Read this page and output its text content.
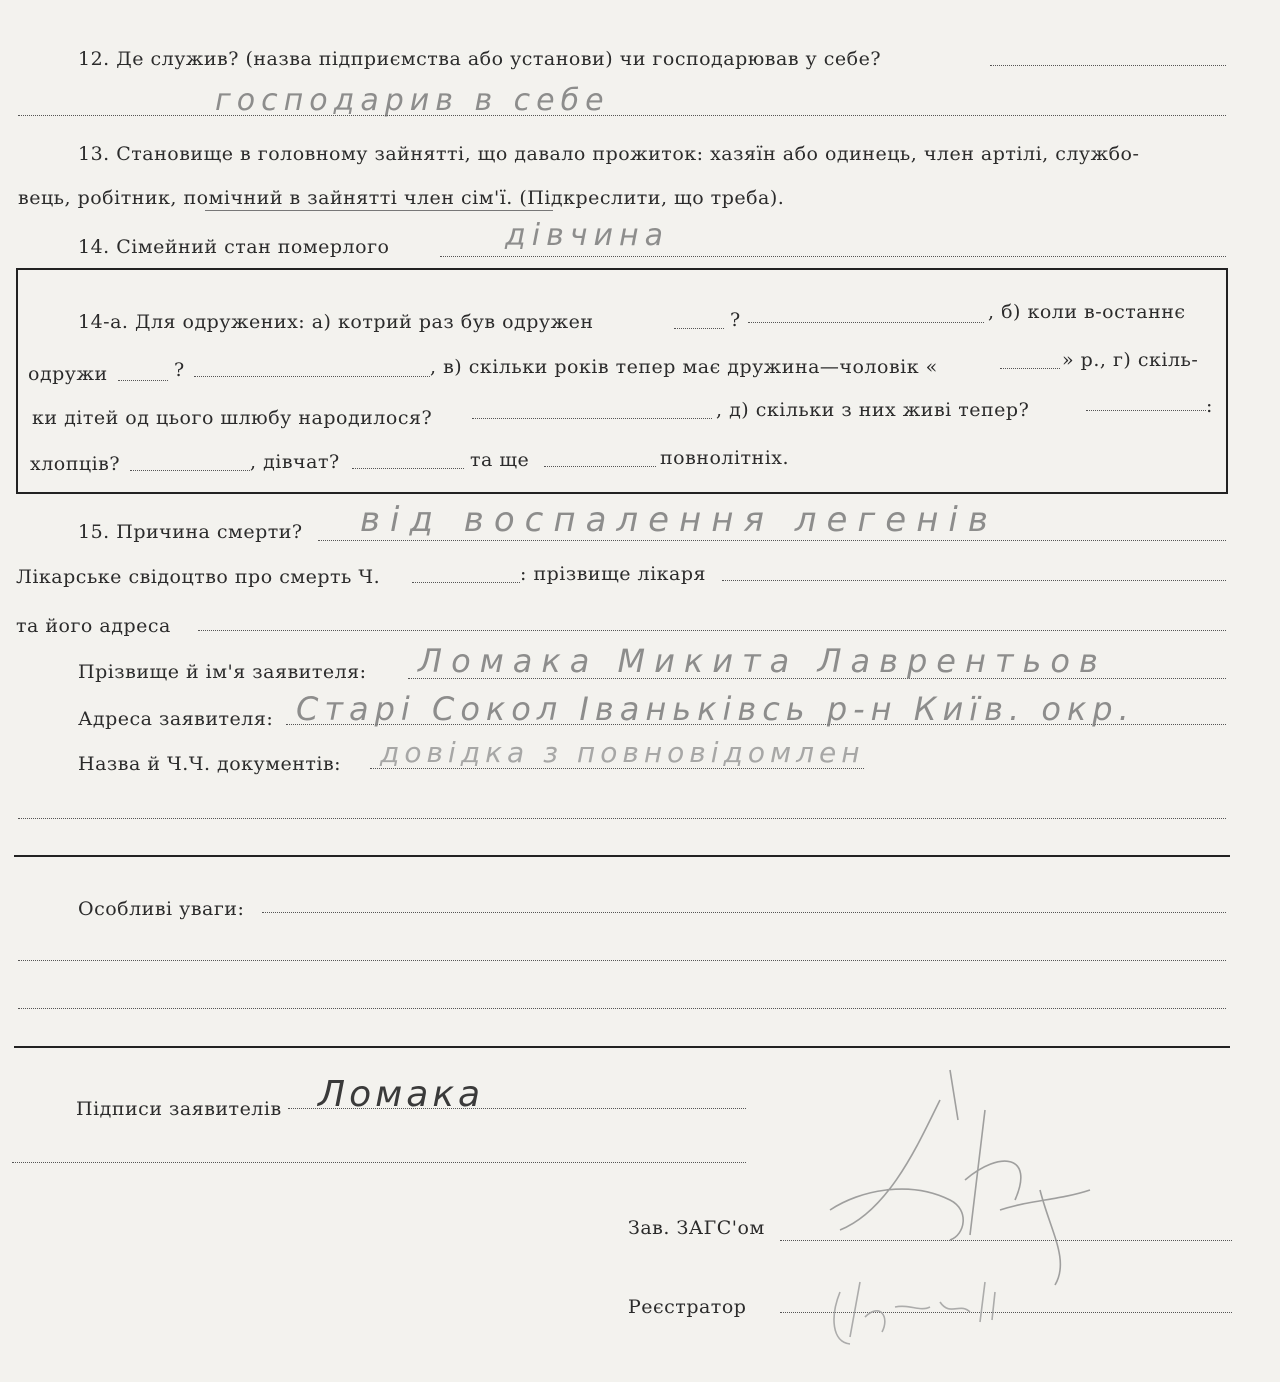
12. Де служив? (назва підприємства або установи) чи господарював у себе?
господарив в себе
13. Становище в головному зайнятті, що давало прожиток: хазяїн або одинець, член артілі, службо-
вець, робітник, помічний в зайнятті член сім'ї. (Підкреслити, що треба).
14. Сімейний стан померлого	дівчина
14-а. Для одружених: а) котрий раз був одружен	?	, б) коли в-останнє
одружи	?	, в) скільки років тепер має дружина—чоловік «	» р., г) скіль-
ки дітей од цього шлюбу народилося?	, д) скільки з них живі тепер?	:
хлопців?	, дівчат?	та ще	повнолітніх.
15. Причина смерти? від воспалення легенів
Лікарське свідоцтво про смерть Ч.	: прізвище лікаря
та його адреса
Прізвище й ім'я заявителя: Ломака Микита Лаврентьов
Адреса заявителя: Старі Сокол Іваньківсь р-н Київ. окр.
Назва й Ч.Ч. документів: довідка з повновідомлен
Особливі уваги:
Підписи заявителів Ломака
Зав. ЗАГС'ом
Реєстратор
